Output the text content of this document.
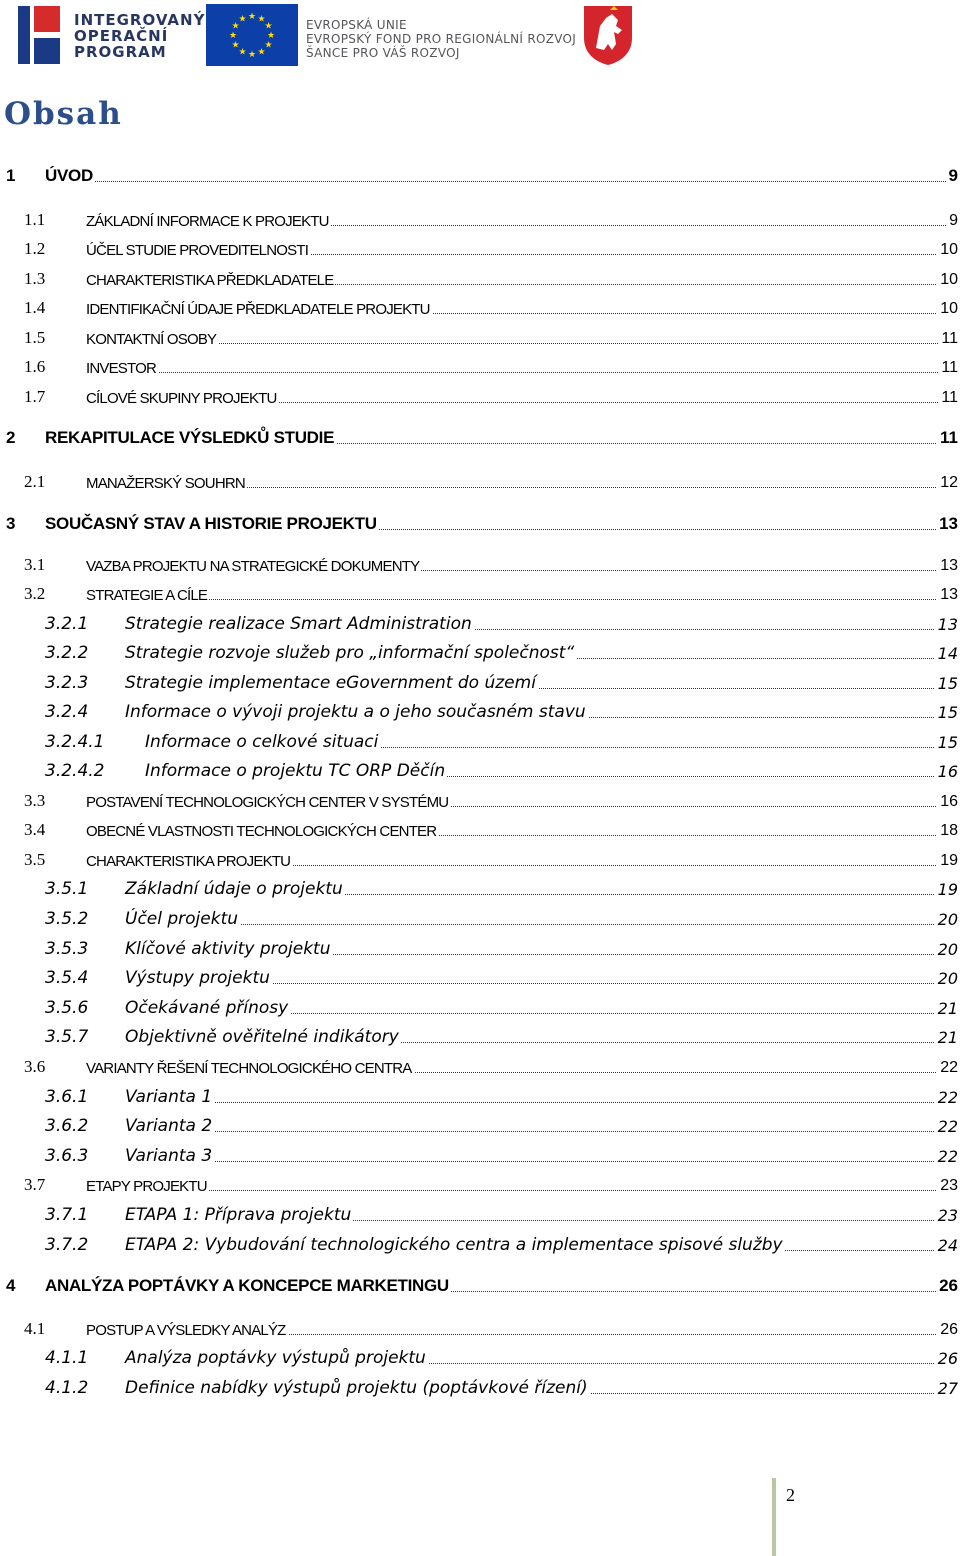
INTEGROVANÝ
OPERAČNÍ
PROGRAM
★ ★
★
★
★
★
★
★
★
★
★
★	EVROPSKÁ UNIE
EVROPSKÝ FOND PRO REGIONÁLNÍ ROZVOJ
ŠANCE PRO VÁŠ ROZVOJ
Obsah
1 ÚVOD	9
1.1	ZÁKLADNÍ INFORMACE K PROJEKTU	9
1.2	ÚČEL STUDIE PROVEDITELNOSTI	10
1.3	CHARAKTERISTIKA PŘEDKLADATELE	10
1.4	IDENTIFIKAČNÍ ÚDAJE PŘEDKLADATELE PROJEKTU	10
1.5	KONTAKTNÍ OSOBY	11
1.6	INVESTOR	11
1.7	CÍLOVÉ SKUPINY PROJEKTU	11
2 REKAPITULACE VÝSLEDKŮ STUDIE	11
2.1	MANAŽERSKÝ SOUHRN	12
3 SOUČASNÝ STAV A HISTORIE PROJEKTU	13
3.1	VAZBA PROJEKTU NA STRATEGICKÉ DOKUMENTY	13
3.2	STRATEGIE A CÍLE	13
3.2.1 Strategie realizace Smart Administration	13
3.2.2 Strategie rozvoje služeb pro „informační společnost“	14
3.2.3 Strategie implementace eGovernment do území	15
3.2.4 Informace o vývoji projektu a o jeho současném stavu	15
3.2.4.1 Informace o celkové situaci	15
3.2.4.2 Informace o projektu TC ORP Děčín	16
3.3	POSTAVENÍ TECHNOLOGICKÝCH CENTER V SYSTÉMU	16
3.4	OBECNÉ VLASTNOSTI TECHNOLOGICKÝCH CENTER	18
3.5	CHARAKTERISTIKA PROJEKTU	19
3.5.1 Základní údaje o projektu	19
3.5.2 Účel projektu	20
3.5.3 Klíčové aktivity projektu	20
3.5.4 Výstupy projektu	20
3.5.6 Očekávané přínosy	21
3.5.7 Objektivně ověřitelné indikátory	21
3.6	VARIANTY ŘEŠENÍ TECHNOLOGICKÉHO CENTRA	22
3.6.1 Varianta 1	22
3.6.2 Varianta 2	22
3.6.3 Varianta 3	22
3.7	ETAPY PROJEKTU	23
3.7.1 ETAPA 1: Příprava projektu	23
3.7.2 ETAPA 2: Vybudování technologického centra a implementace spisové služby	24
4 ANALÝZA POPTÁVKY A KONCEPCE MARKETINGU	26
4.1	POSTUP A VÝSLEDKY ANALÝZ	26
4.1.1 Analýza poptávky výstupů projektu	26
4.1.2 Definice nabídky výstupů projektu (poptávkové řízení)	27
2
